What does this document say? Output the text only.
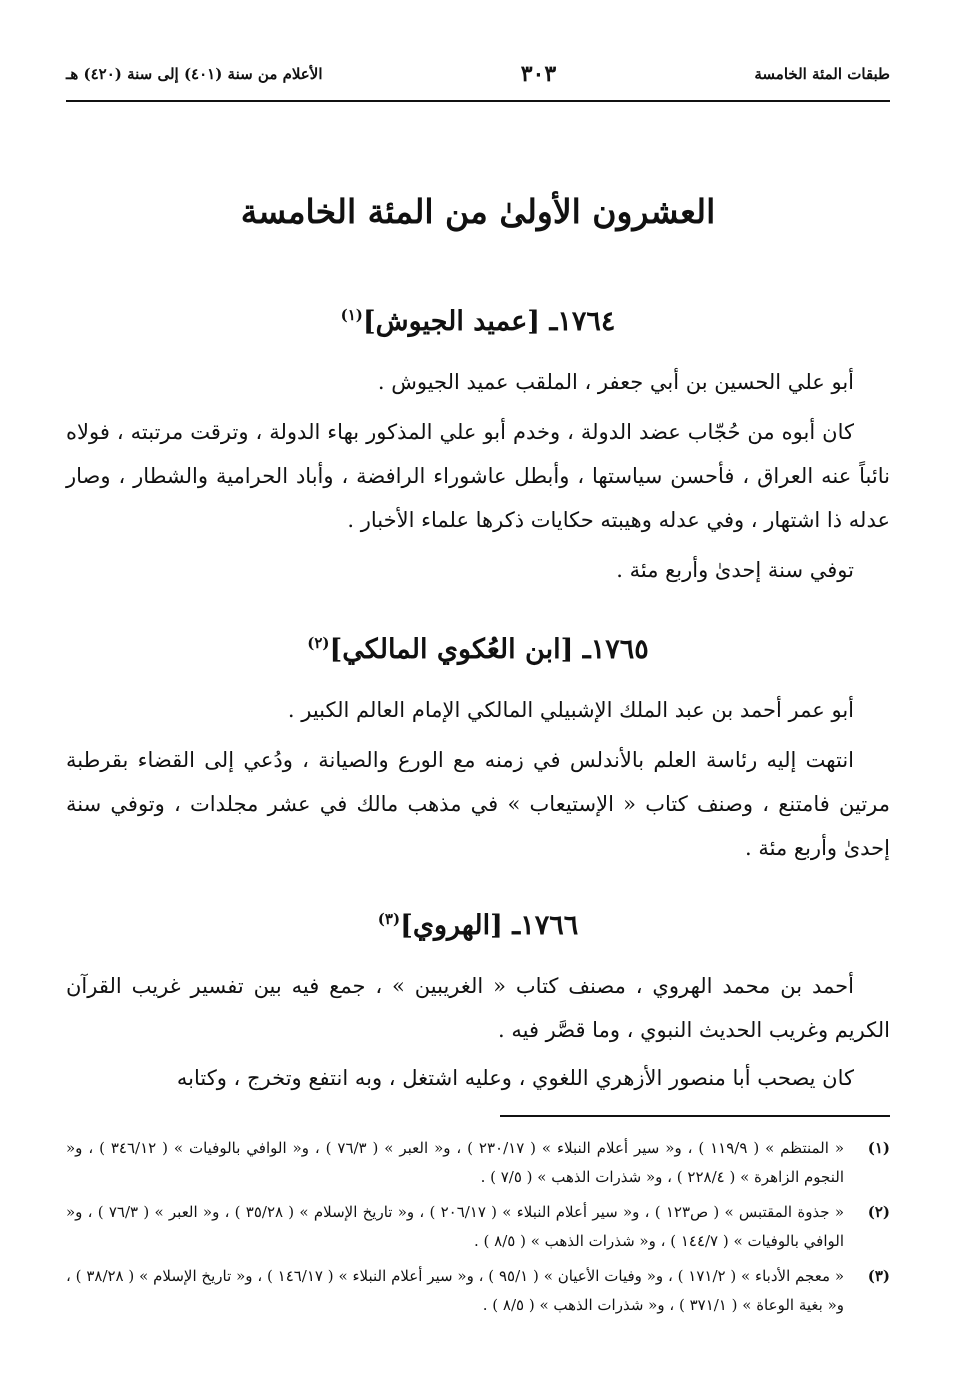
طبقات المئة الخامسة
٣٠٣
الأعلام من سنة (٤٠١) إلى سنة (٤٢٠) هـ
العشرون الأولىٰ من المئة الخامسة
١٧٦٤ـ [عميد الجيوش]$^{(١)}$
أبو علي الحسين بن أبي جعفر ، الملقب عميد الجيوش .
كان أبوه من حُجّاب عضد الدولة ، وخدم أبو علي المذكور بهاء الدولة ، وترقت مرتبته ، فولاه نائباً عنه العراق ، فأحسن سياستها ، وأبطل عاشوراء الرافضة ، وأباد الحرامية والشطار ، وصار عدله ذا اشتهار ، وفي عدله وهيبته حكايات ذكرها علماء الأخبار .
توفي سنة إحدىٰ وأربع مئة .
١٧٦٥ـ [ابن العُكوي المالكي]$^{(٢)}$
أبو عمر أحمد بن عبد الملك الإشبيلي المالكي الإمام العالم الكبير .
انتهت إليه رئاسة العلم بالأندلس في زمنه مع الورع والصيانة ، ودُعي إلى القضاء بقرطبة مرتين فامتنع ، وصنف كتاب « الإستيعاب » في مذهب مالك في عشر مجلدات ، وتوفي سنة إحدىٰ وأربع مئة .
١٧٦٦ـ [الهروي]$^{(٣)}$
أحمد بن محمد الهروي ، مصنف كتاب « الغريبين » ، جمع فيه بين تفسير غريب القرآن الكريم وغريب الحديث النبوي ، وما قصَّر فيه .
كان يصحب أبا منصور الأزهري اللغوي ، وعليه اشتغل ، وبه انتفع وتخرج ، وكتابه
(١)
« المنتظم » ( ١١٩/٩ ) ، و« سير أعلام النبلاء » ( ٢٣٠/١٧ ) ، و« العبر » ( ٧٦/٣ ) ، و« الوافي بالوفيات » ( ٣٤٦/١٢ ) ، و« النجوم الزاهرة » ( ٢٢٨/٤ ) ، و« شذرات الذهب » ( ٧/٥ ) .
(٢)
« جذوة المقتبس » ( ص١٢٣ ) ، و« سير أعلام النبلاء » ( ٢٠٦/١٧ ) ، و« تاريخ الإسلام » ( ٣٥/٢٨ ) ، و« العبر » ( ٧٦/٣ ) ، و« الوافي بالوفيات » ( ١٤٤/٧ ) ، و« شذرات الذهب » ( ٨/٥ ) .
(٣)
« معجم الأدباء » ( ١٧١/٢ ) ، و« وفيات الأعيان » ( ٩٥/١ ) ، و« سير أعلام النبلاء » ( ١٤٦/١٧ ) ، و« تاريخ الإسلام » ( ٣٨/٢٨ ) ، و« بغية الوعاة » ( ٣٧١/١ ) ، و« شذرات الذهب » ( ٨/٥ ) .
